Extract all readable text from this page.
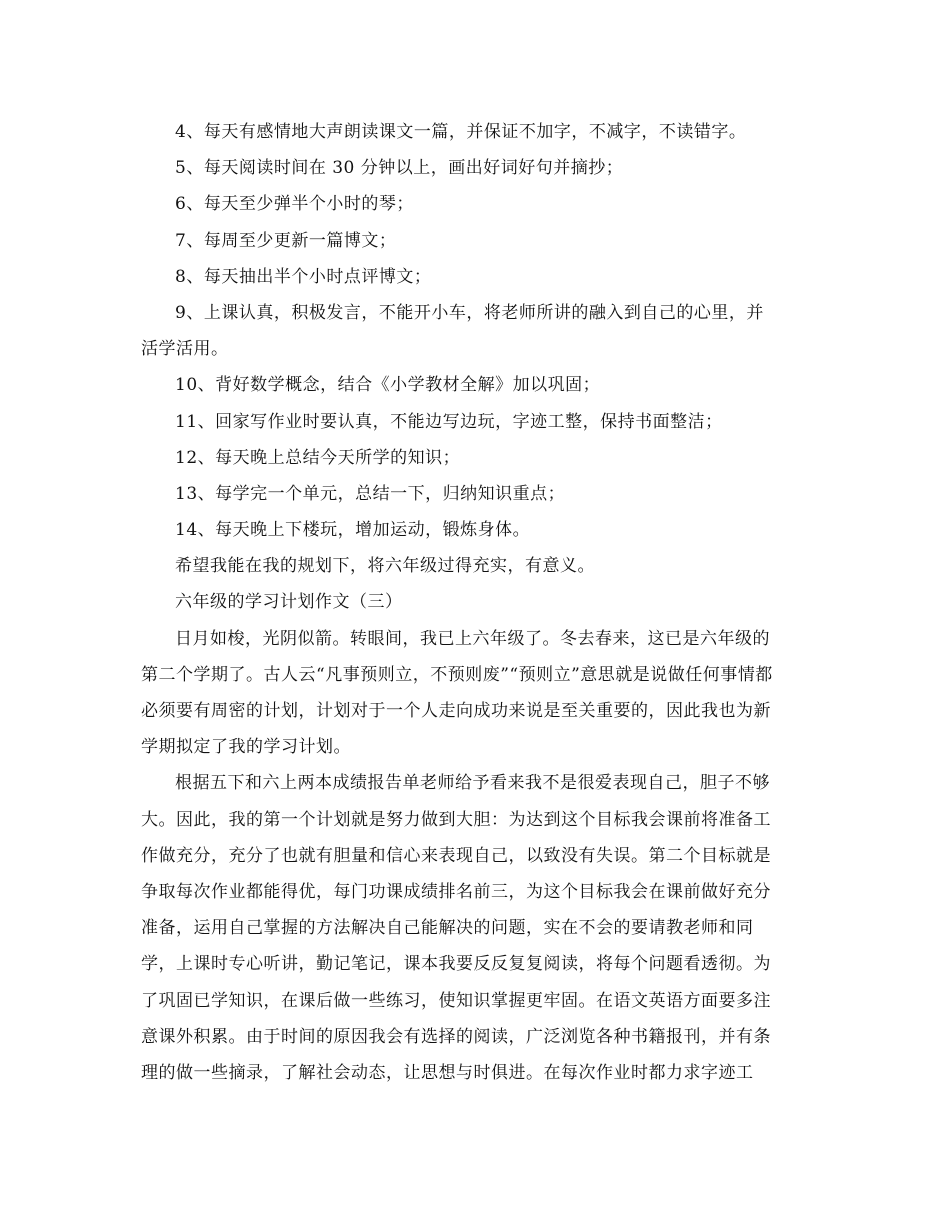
4、每天有感情地大声朗读课文一篇，并保证不加字，不减字，不读错字。
5、每天阅读时间在 30 分钟以上，画出好词好句并摘抄；
6、每天至少弹半个小时的琴；
7、每周至少更新一篇博文；
8、每天抽出半个小时点评博文；
9、上课认真，积极发言，不能开小车，将老师所讲的融入到自己的心里，并
活学活用。
10、背好数学概念，结合《小学教材全解》加以巩固；
11、回家写作业时要认真，不能边写边玩，字迹工整，保持书面整洁；
12、每天晚上总结今天所学的知识；
13、每学完一个单元，总结一下，归纳知识重点；
14、每天晚上下楼玩，增加运动，锻炼身体。
希望我能在我的规划下，将六年级过得充实，有意义。
六年级的学习计划作文（三）
日月如梭，光阴似箭。转眼间，我已上六年级了。冬去春来，这已是六年级的
第二个学期了。古人云“凡事预则立，不预则废”“预则立”意思就是说做任何事情都
必须要有周密的计划，计划对于一个人走向成功来说是至关重要的，因此我也为新
学期拟定了我的学习计划。
根据五下和六上两本成绩报告单老师给予看来我不是很爱表现自己，胆子不够
大。因此，我的第一个计划就是努力做到大胆：为达到这个目标我会课前将准备工
作做充分，充分了也就有胆量和信心来表现自己，以致没有失误。第二个目标就是
争取每次作业都能得优，每门功课成绩排名前三，为这个目标我会在课前做好充分
准备，运用自己掌握的方法解决自己能解决的问题，实在不会的要请教老师和同
学，上课时专心听讲，勤记笔记，课本我要反反复复阅读，将每个问题看透彻。为
了巩固已学知识，在课后做一些练习，使知识掌握更牢固。在语文英语方面要多注
意课外积累。由于时间的原因我会有选择的阅读，广泛浏览各种书籍报刊，并有条
理的做一些摘录，了解社会动态，让思想与时俱进。在每次作业时都力求字迹工
